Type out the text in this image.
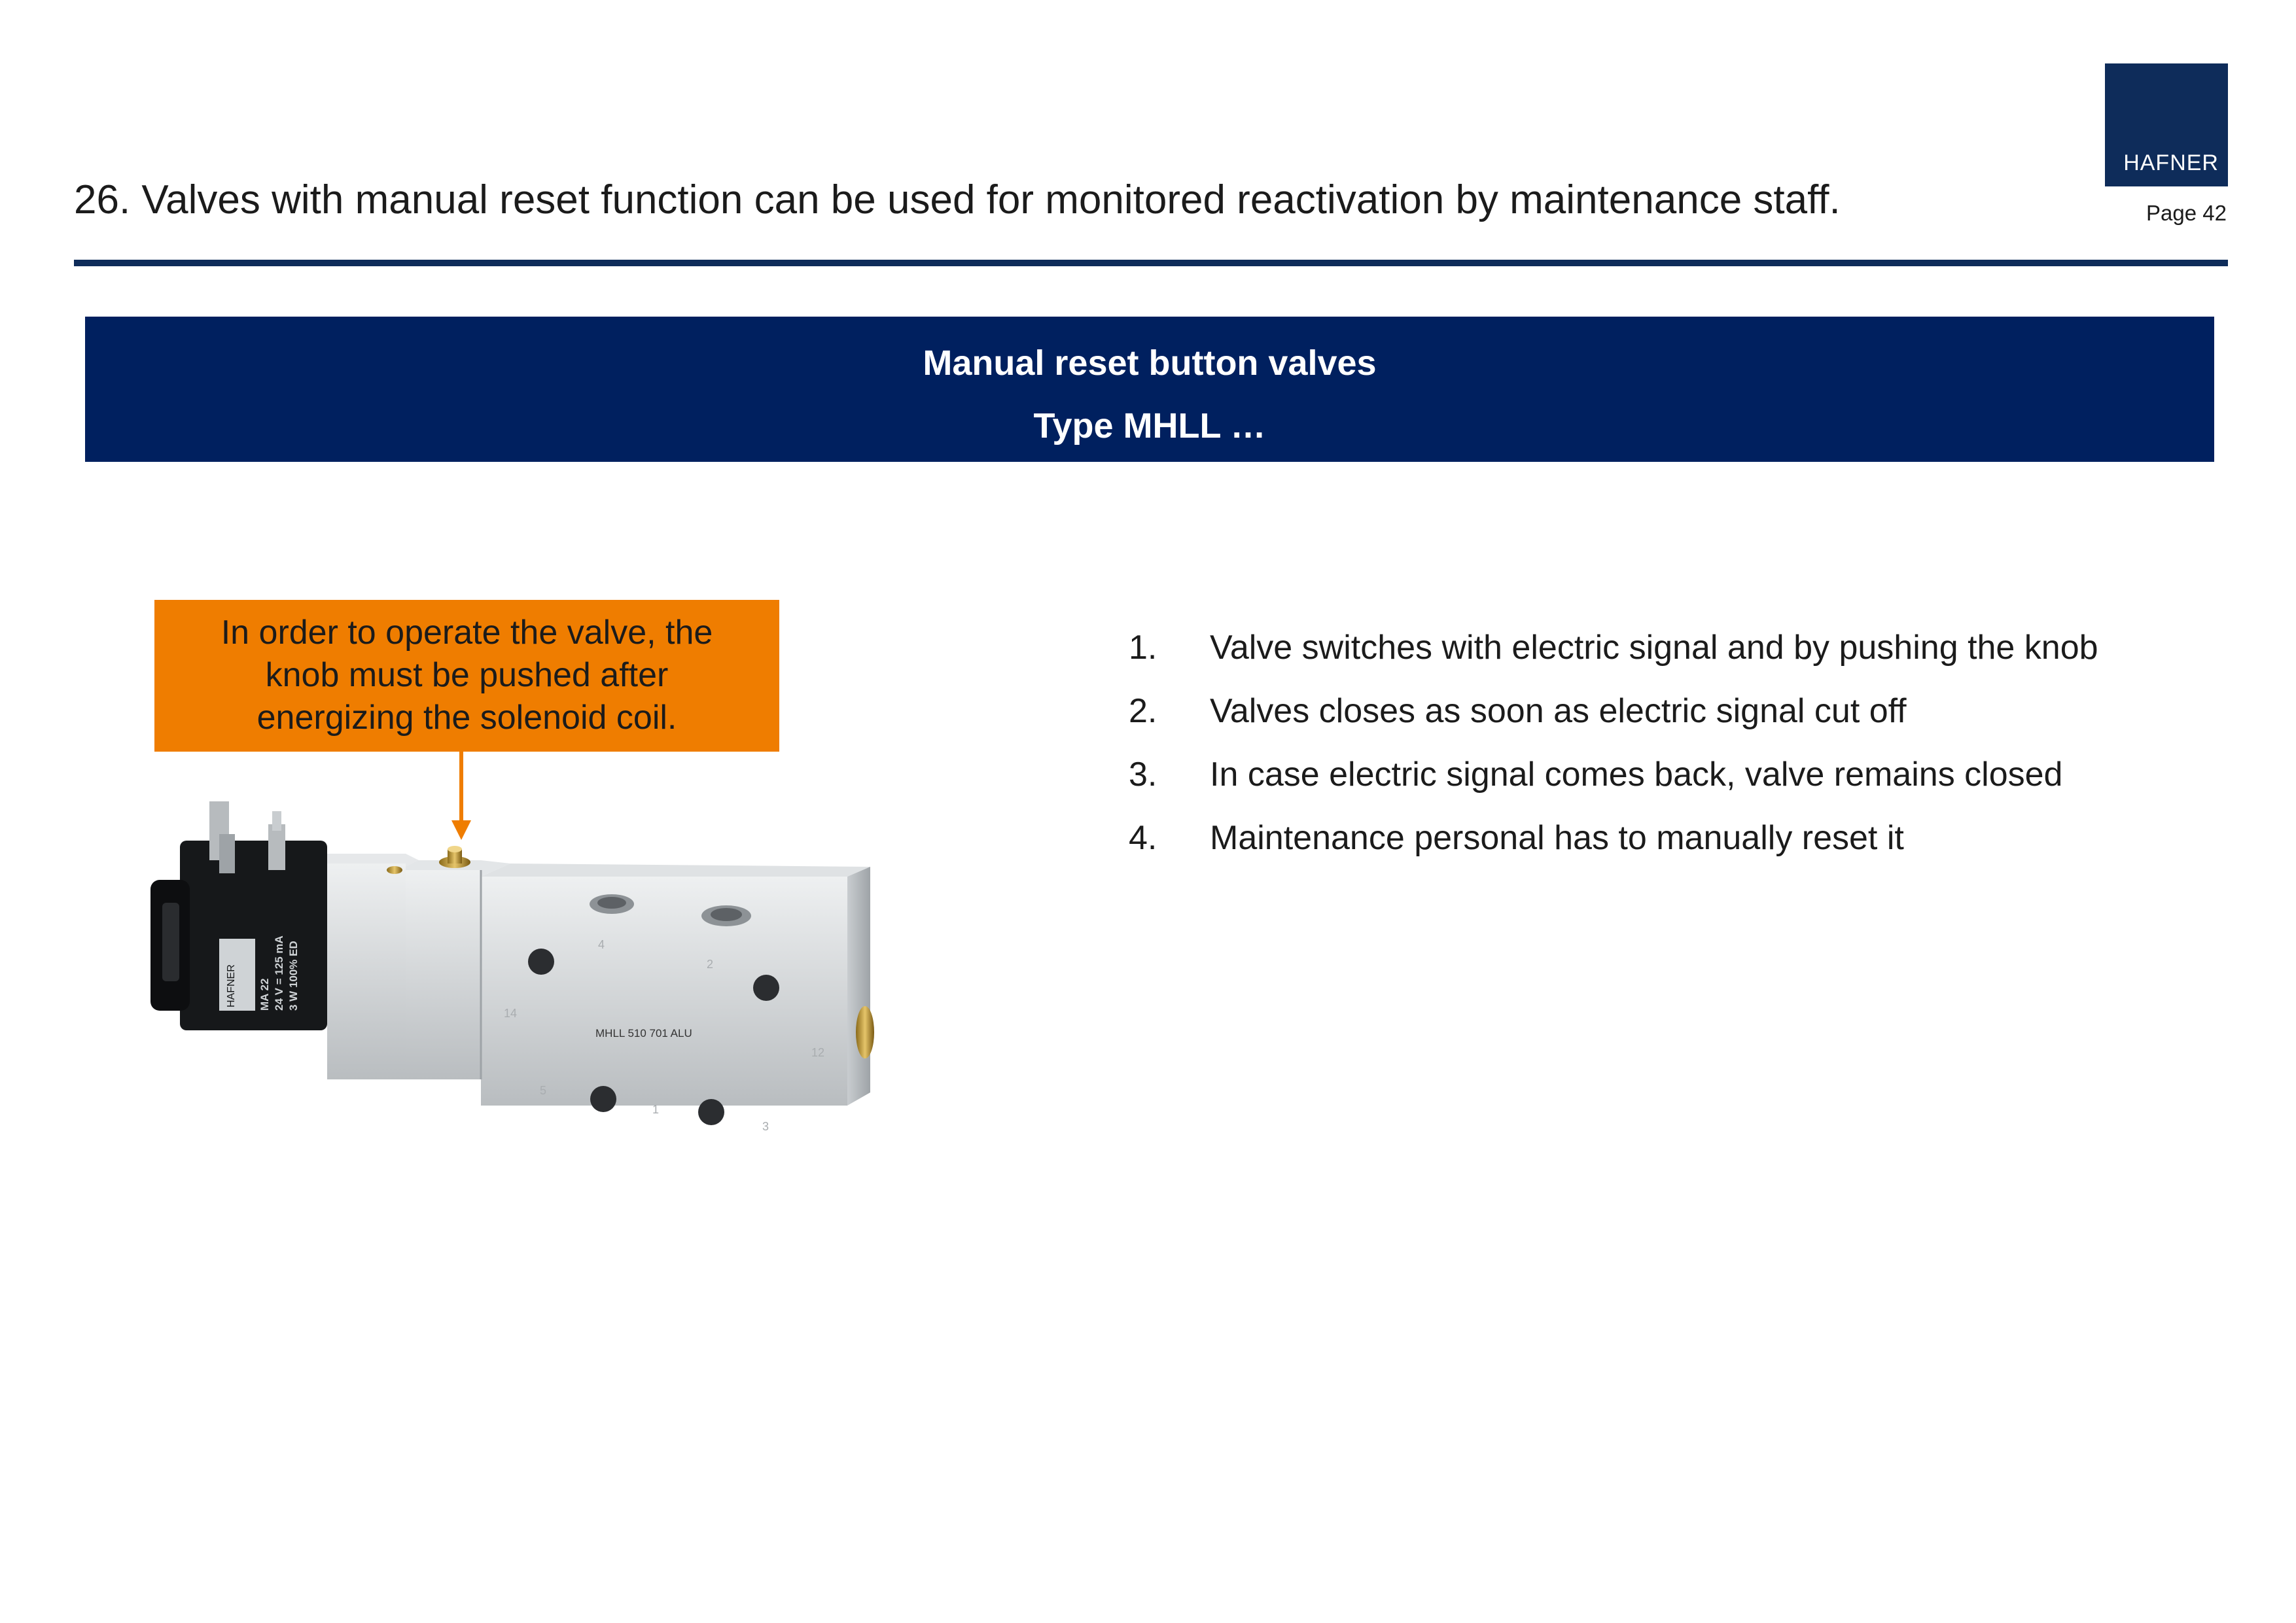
26. Valves with manual reset function can be used for monitored reactivation by maintenance staff.
HAFNER
Page 42
Manual reset button valves
Type MHLL …
In order to operate the valve, the
knob must be pushed after
energizing the solenoid coil.
MHLL 510 701 ALU
14
4
2
12
5
1
3
HAFNER MA 22 24 V = 125 mA 3 W 100% ED
1.	Valve switches with electric signal and by pushing the knob
2.	Valves closes as soon as electric signal cut off
3.	In case electric signal comes back, valve remains closed
4.	Maintenance personal has to manually reset it
